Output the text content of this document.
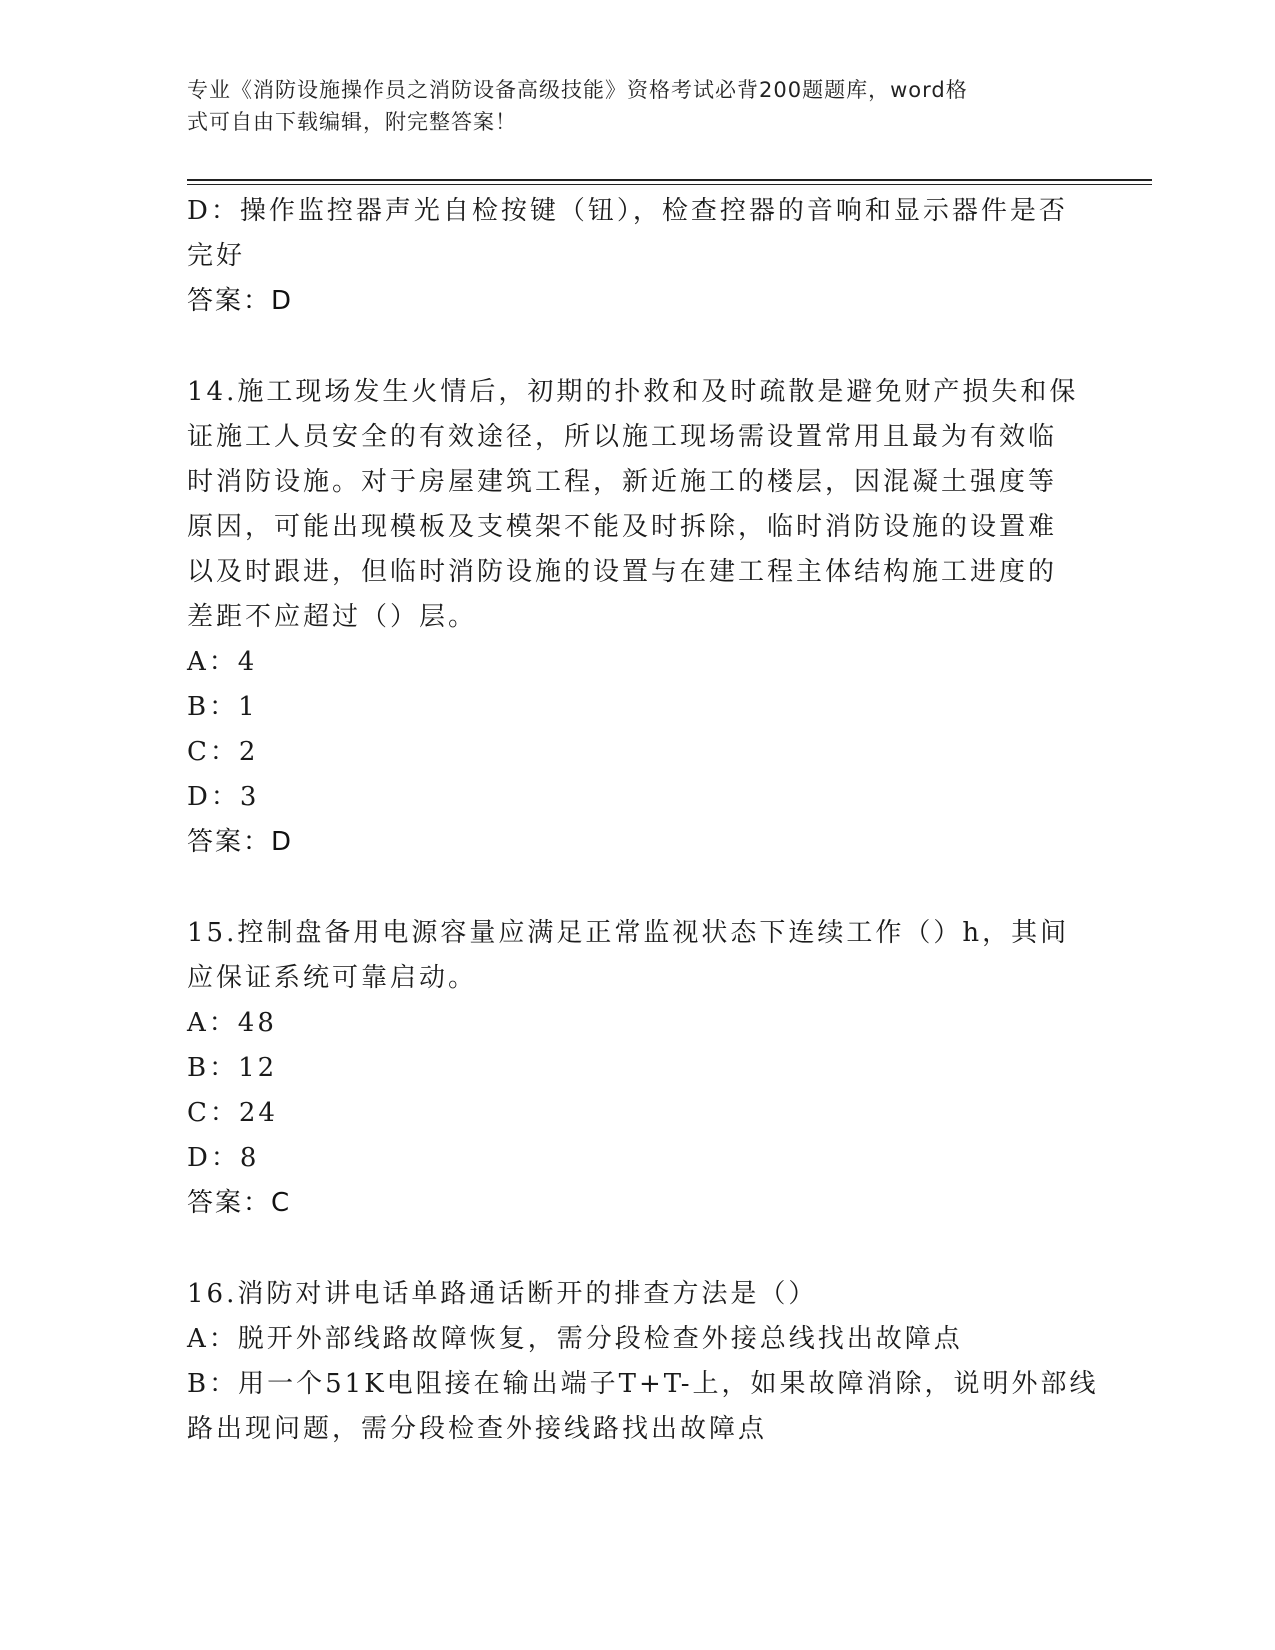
专业《消防设施操作员之消防设备高级技能》资格考试必背200题题库，word格
式可自由下载编辑，附完整答案！
D：操作监控器声光自检按键（钮），检查控器的音响和显示器件是否
完好
答案：D
14.施工现场发生火情后，初期的扑救和及时疏散是避免财产损失和保
证施工人员安全的有效途径，所以施工现场需设置常用且最为有效临
时消防设施。对于房屋建筑工程，新近施工的楼层，因混凝土强度等
原因，可能出现模板及支模架不能及时拆除，临时消防设施的设置难
以及时跟进，但临时消防设施的设置与在建工程主体结构施工进度的
差距不应超过（）层。
A：4
B：1
C：2
D：3
答案：D
15.控制盘备用电源容量应满足正常监视状态下连续工作（）h，其间
应保证系统可靠启动。
A：48
B：12
C：24
D：8
答案：C
16.消防对讲电话单路通话断开的排查方法是（）
A：脱开外部线路故障恢复，需分段检查外接总线找出故障点
B：用一个51K电阻接在输出端子T+T-上，如果故障消除，说明外部线
路出现问题，需分段检查外接线路找出故障点
